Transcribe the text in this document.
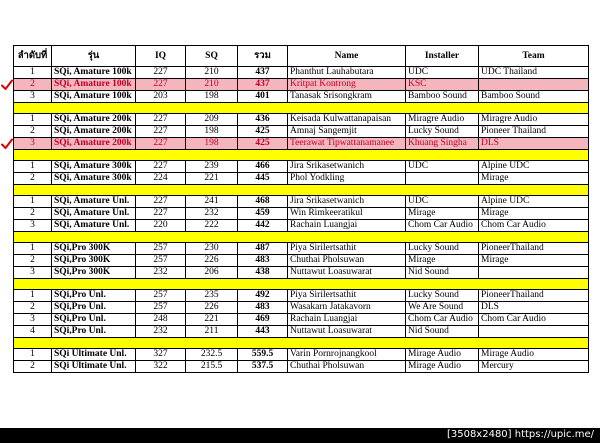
ลำดับที่	รุ่น	IQ	SQ	รวม	Name	Installer	Team
1	SQi, Amature 100k	227	210	437	Phanthut Lauhabutara	UDC	UDC Thailand
2	SQi, Amature 100k	227	210	437	Kritpat Kontrong	KSC	
3	SQi, Amature 100k	203	198	401	Tanasak Srisongkram	Bamboo Sound	Bamboo Sound

1	SQi, Amature 200k	227	209	436	Keisada Kulwattanapaisan	Miragre Audio	Miragre Audio
2	SQi, Amature 200k	227	198	425	Amnaj Sangemjit	Lucky Sound	Pioneer Thailand
3	SQi, Amature 200k	227	198	425	Teerawat Tipwattanamanee	Khuang Singha	DLS

1	SQi, Amature 300k	227	239	466	Jira Srikasetwanich	UDC	Alpine UDC
2	SQi, Amature 300k	224	221	445	Phol Yodkling		Mirage

1	SQi, Amature Unl.	227	241	468	Jira Srikasetwanich	UDC	Alpine UDC
2	SQi, Amature Unl.	227	232	459	Win Rimkeeratikul	Mirage	Mirage
3	SQi, Amature Unl.	220	222	442	Rachain Luangjai	Chom Car Audio	Chom Car Audio

1	SQi,Pro 300K	257	230	487	Piya Sirilertsathit	Lucky Sound	PioneerThailand
2	SQi,Pro 300K	257	226	483	Chuthai Pholsuwan	Mirage	Mirage
3	SQi,Pro 300K	232	206	438	Nuttawut Loasuwarat	Nid Sound	

1	SQi,Pro Unl.	257	235	492	Piya Sirilertsathit	Lucky Sound	PioneerThailand
2	SQi,Pro Unl.	257	226	483	Wasakarn Jatakavorn	We Are Sound	DLS
3	SQi,Pro Unl.	248	221	469	Rachain Luangjai	Chom Car Audio	Chom Car Audio
4	SQi,Pro Unl.	232	211	443	Nuttawut Loasuwarat	Nid Sound	

1	SQi Ultimate Unl.	327	232.5	559.5	Varin Pornrojnangkool	Mirage Audio	Mirage Audio
2	SQi Ultimate Unl.	322	215.5	537.5	Chuthai Pholsuwan	Mirage Audio	Mercury
[3508x2480] https://upic.me/
